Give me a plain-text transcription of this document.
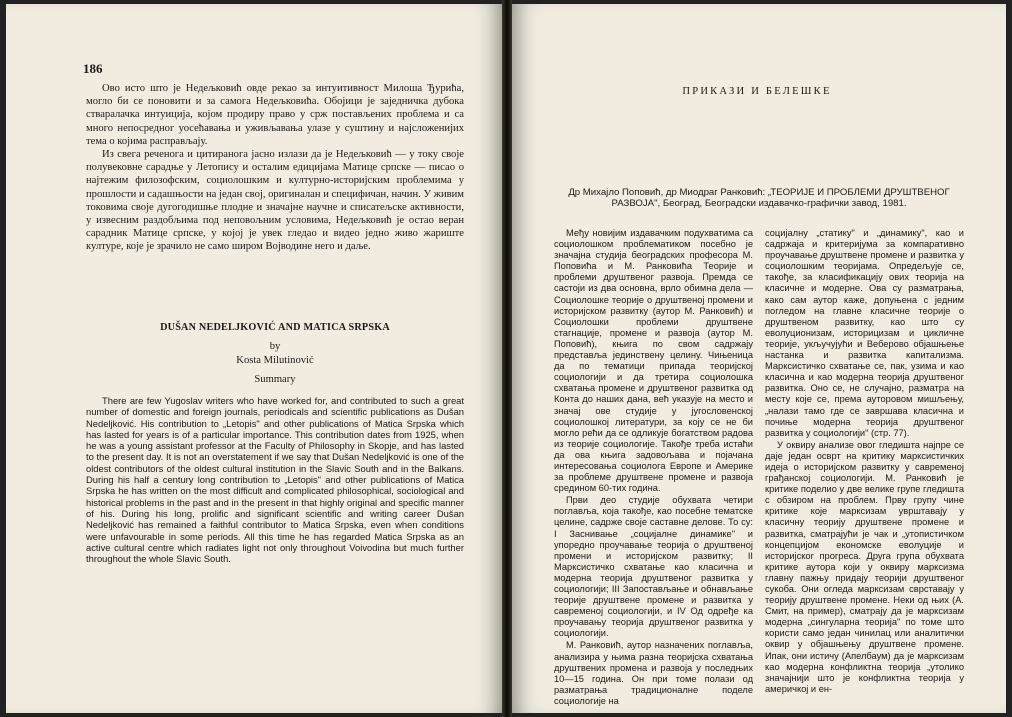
186

Ово исто што је Недељковић овде рекао за интуитивност Милоша Ђурића, могло би се поновити и за самога Недељковића. Обојици је заједничка дубока стваралачка интуиција, којом продиру право у срж постављених проблема и са много непосредног уосећавања и уживљавања улазе у суштину и најсложенијих тема о којима расправљају.

Из свега реченога и цитиранога јасно излази да је Недељковић — у току своје полувековне сарадње у Летопису и осталим едицијама Матице српске — писао о најтежим филозофским, социолошким и културно-историјским проблемима у прошлости и садашњости на један свој, оригиналан и специфичан, начин. У живим токовима своје дугогодишње плодне и значајне научне и списатељске активности, у извесним раздобљима под неповољним условима, Недељковић је остао веран сарадник Матице српске, у којој је увек гледао и видео једно живо жариште културе, које је зрачило не само широм Војводине него и даље.

DUŠAN NEDELJKOVIĆ AND MATICA SRPSKA
by
Kosta Milutinović
Summary

There are few Yugoslav writers who have worked for, and contributed to such a great number of domestic and foreign journals, periodicals and scientific publications as Dušan Nedeljković. His contribution to „Letopis" and other publications of Matica Srpska which has lasted for years is of a particular importance. This contribution dates from 1925, when he was a young assistant professor at the Faculty of Philosophy in Skopje, and has lasted to the present day. It is not an overstatement if we say that Dušan Nedeljković is one of the oldest contributors of the oldest cultural institution in the Slavic South and in the Balkans. During his half a century long contribution to „Letopis" and other publications of Matica Srpska he has written on the most difficult and complicated philosophical, sociological and historical problems in the past and in the present in that highly original and specific manner of his. During his long, prolific and significant scientific and writing career Dušan Nedeljković has remained a faithful contributor to Matica Srpska, even when conditions were unfavourable in some periods. All this time he has regarded Matica Srpska as an active cultural centre which radiates light not only throughout Voivodina but much further throughout the whole Slavic South.

ПРИКАЗИ И БЕЛЕШКЕ
Др Михајло Поповић, др Миодраг Ранковић: „ТЕОРИЈЕ И ПРОБЛЕМИ ДРУШТВЕНОГ РАЗВОЈА", Београд, Београдски издавачко-графички завод, 1981.

Међу новијим издавачким подухватима са социолошком проблематиком посебно је значајна студија београдских професора М. Поповића и М. Ранковића Теорије и проблеми друштвеног развоја. Премда се састоји из два основна, врло обимна дела — Социолошке теорије о друштвеној промени и историјском развитку (аутор М. Ранковић) и Социолошки проблеми друштвене стагнације, промене и развоја (аутор М. Поповић), књига по свом садржају представља јединствену целину. Чињеница да по тематици припада теоријској социологији и да третира социолошка схватања промене и друштвеног развитка од Конта до наших дана, већ указује на место и значај ове студије у југословенској социолошкој литератури, за коју се не би могло рећи да се одликује богатством радова из теорије социологије. Такође треба истаћи да ова књига задовољава и појачана интересовања социолога Европе и Америке за проблеме друштвене промене и развоја средином 60-тих година.

Први део студије обухвата четири поглавља, која такође, као посебне тематске целине, садрже своје саставне делове. То су: I Заснивање „социјалне динамике" и упоредно проучавање теорија о друштвеној промени и историјском развитку; II Марксистичко схватање као класична и модерна теорија друштвеног развитка у социологији; III Запостављање и обнављање теорије друштвене промене и развитка у савременој социологији, и IV Од одређе ка проучавању теорија друштвеног развитка у социологији.

М. Ранковић, аутор назначених поглавља, анализира у њима разна теоријска схватања друштвених промена и развоја у последњих 10—15 година. Он при томе полази од разматрања традиционалне поделе социологије на

социјалну „статику" и „динамику", као и садржаја и критеријума за компаративно проучавање друштвене промене и развитка у социолошким теоријама. Опредељује се, такође, за класификацију ових теорија на класичне и модерне. Ова су разматрања, како сам аутор каже, допуњена с једним погледом на главне класичне теорије о друштвеном развитку, као што су еволуционизам, историцизам и цикличне теорије, укључујући и Веберово објашњење настанка и развитка капитализма. Марксистичко схватање се, пак, узима и као класична и као модерна теорија друштвеног развитка. Оно се, не случајно, разматра на месту које се, према ауторовом мишљењу, „налази тамо где се завршава класична и почиње модерна теорија друштвеног развитка у социологији" (стр. 77).

У оквиру анализе овог гледишта најпре се даје један осврт на критику марксистичких идеја о историјском развитку у савременој грађанској социологији. М. Ранковић је критике поделио у две велике групе гледишта с обзиром на проблем. Прву групу чине критике које марксизам уврштавају у класичну теорију друштвене промене и развитка, сматрајући је чак и „утопистичком концепцијом економске еволуције и историјског прогреса. Друга група обухвата критике аутора који у оквиру марксизма главну пажњу придају теорији друштвеног сукоба. Они огледа марксизам сврставају у теорију друштвене промене. Неки од њих (А. Смит, на пример), сматрају да је марксизам модерна „сингуларна теорија" по томе што користи само један чинилац или аналитички оквир у објашњењу друштвене промене. Ипак, они истичу (Апелбаум) да је марксизам као модерна конфликтна теорија „утолико значајнији што је конфликтна теорија у америчкој и ен-
